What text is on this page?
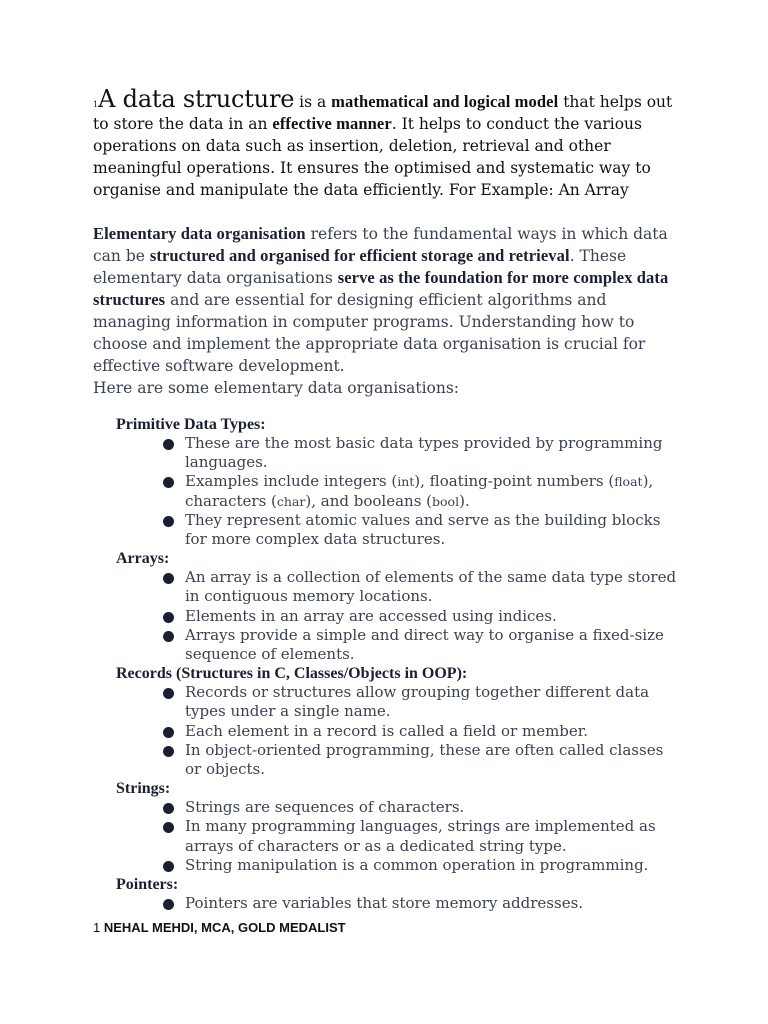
$^1$A data structure is a mathematical and logical model that helps out to store the data in an effective manner. It helps to conduct the various operations on data such as insertion, deletion, retrieval and other meaningful operations. It ensures the optimised and systematic way to organise and manipulate the data efficiently. For Example: An Array

Elementary data organisation refers to the fundamental ways in which data can be structured and organised for efficient storage and retrieval. These elementary data organisations serve as the foundation for more complex data structures and are essential for designing efficient algorithms and managing information in computer programs. Understanding how to choose and implement the appropriate data organisation is crucial for effective software development.

Here are some elementary data organisations:

Primitive Data Types:
These are the most basic data types provided by programming languages.
Examples include integers (int), floating-point numbers (float), characters (char), and booleans (bool).
They represent atomic values and serve as the building blocks for more complex data structures.
Arrays:
An array is a collection of elements of the same data type stored in contiguous memory locations.
Elements in an array are accessed using indices.
Arrays provide a simple and direct way to organise a fixed-size sequence of elements.
Records (Structures in C, Classes/Objects in OOP):
Records or structures allow grouping together different data types under a single name.
Each element in a record is called a field or member.
In object-oriented programming, these are often called classes or objects.
Strings:
Strings are sequences of characters.
In many programming languages, strings are implemented as arrays of characters or as a dedicated string type.
String manipulation is a common operation in programming.
Pointers:
Pointers are variables that store memory addresses.
1 NEHAL MEHDI, MCA, GOLD MEDALIST
